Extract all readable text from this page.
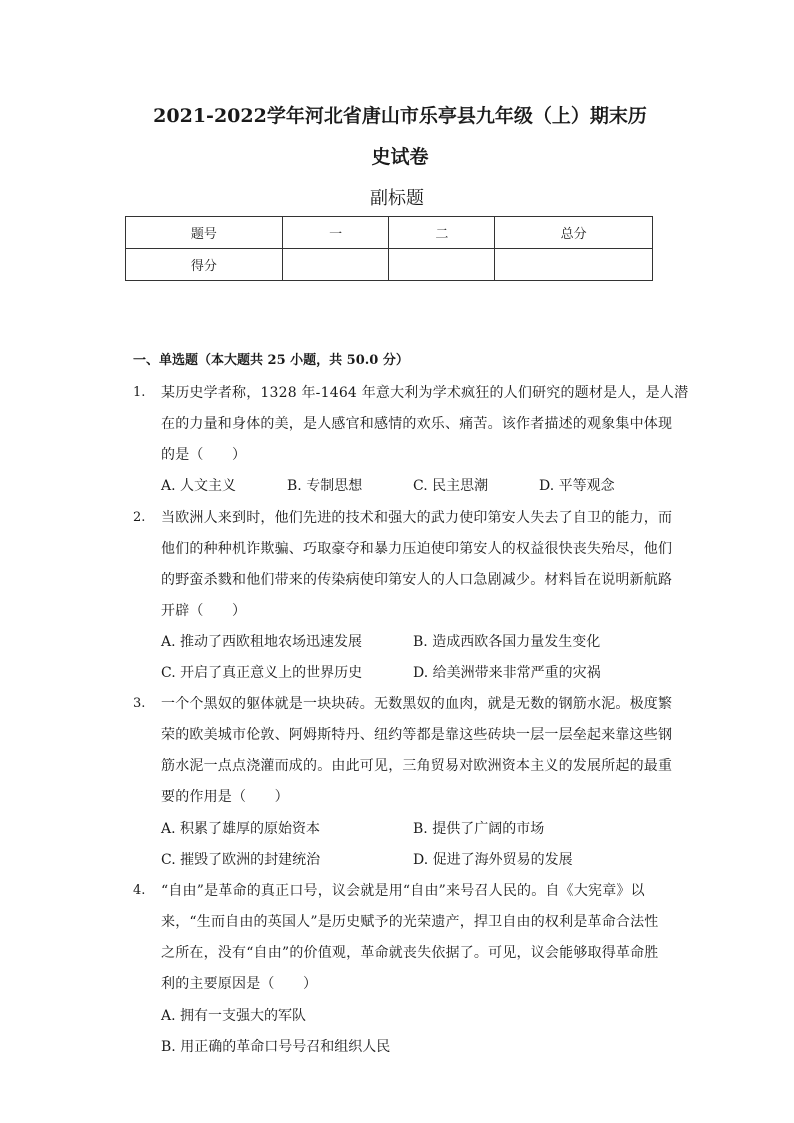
2021-2022学年河北省唐山市乐亭县九年级（上）期末历
史试卷
副标题
题号	一	二	总分
得分			
一、单选题（本大题共 25 小题，共 50.0 分）
1. 某历史学者称，1328 年-1464 年意大利为学术疯狂的人们研究的题材是人，是人潜
在的力量和身体的美，是人感官和感情的欢乐、痛苦。该作者描述的观象集中体现
的是（　　）
A. 人文主义	B. 专制思想	C. 民主思潮	D. 平等观念
2. 当欧洲人来到时，他们先进的技术和强大的武力使印第安人失去了自卫的能力，而
他们的种种机诈欺骗、巧取豪夺和暴力压迫使印第安人的权益很快丧失殆尽，他们
的野蛮杀戮和他们带来的传染病使印第安人的人口急剧减少。材料旨在说明新航路
开辟（　　）
A. 推动了西欧租地农场迅速发展	B. 造成西欧各国力量发生变化
C. 开启了真正意义上的世界历史	D. 给美洲带来非常严重的灾祸
3. 一个个黑奴的躯体就是一块块砖。无数黑奴的血肉，就是无数的钢筋水泥。极度繁
荣的欧美城市伦敦、阿姆斯特丹、纽约等都是靠这些砖块一层一层垒起来靠这些钢
筋水泥一点点浇灌而成的。由此可见，三角贸易对欧洲资本主义的发展所起的最重
要的作用是（　　）
A. 积累了雄厚的原始资本	B. 提供了广阔的市场
C. 摧毁了欧洲的封建统治	D. 促进了海外贸易的发展
4. “自由”是革命的真正口号，议会就是用“自由”来号召人民的。自《大宪章》以
来，“生而自由的英国人”是历史赋予的光荣遗产，捍卫自由的权利是革命合法性
之所在，没有“自由”的价值观，革命就丧失依据了。可见，议会能够取得革命胜
利的主要原因是（　　）
A. 拥有一支强大的军队
B. 用正确的革命口号号召和组织人民
